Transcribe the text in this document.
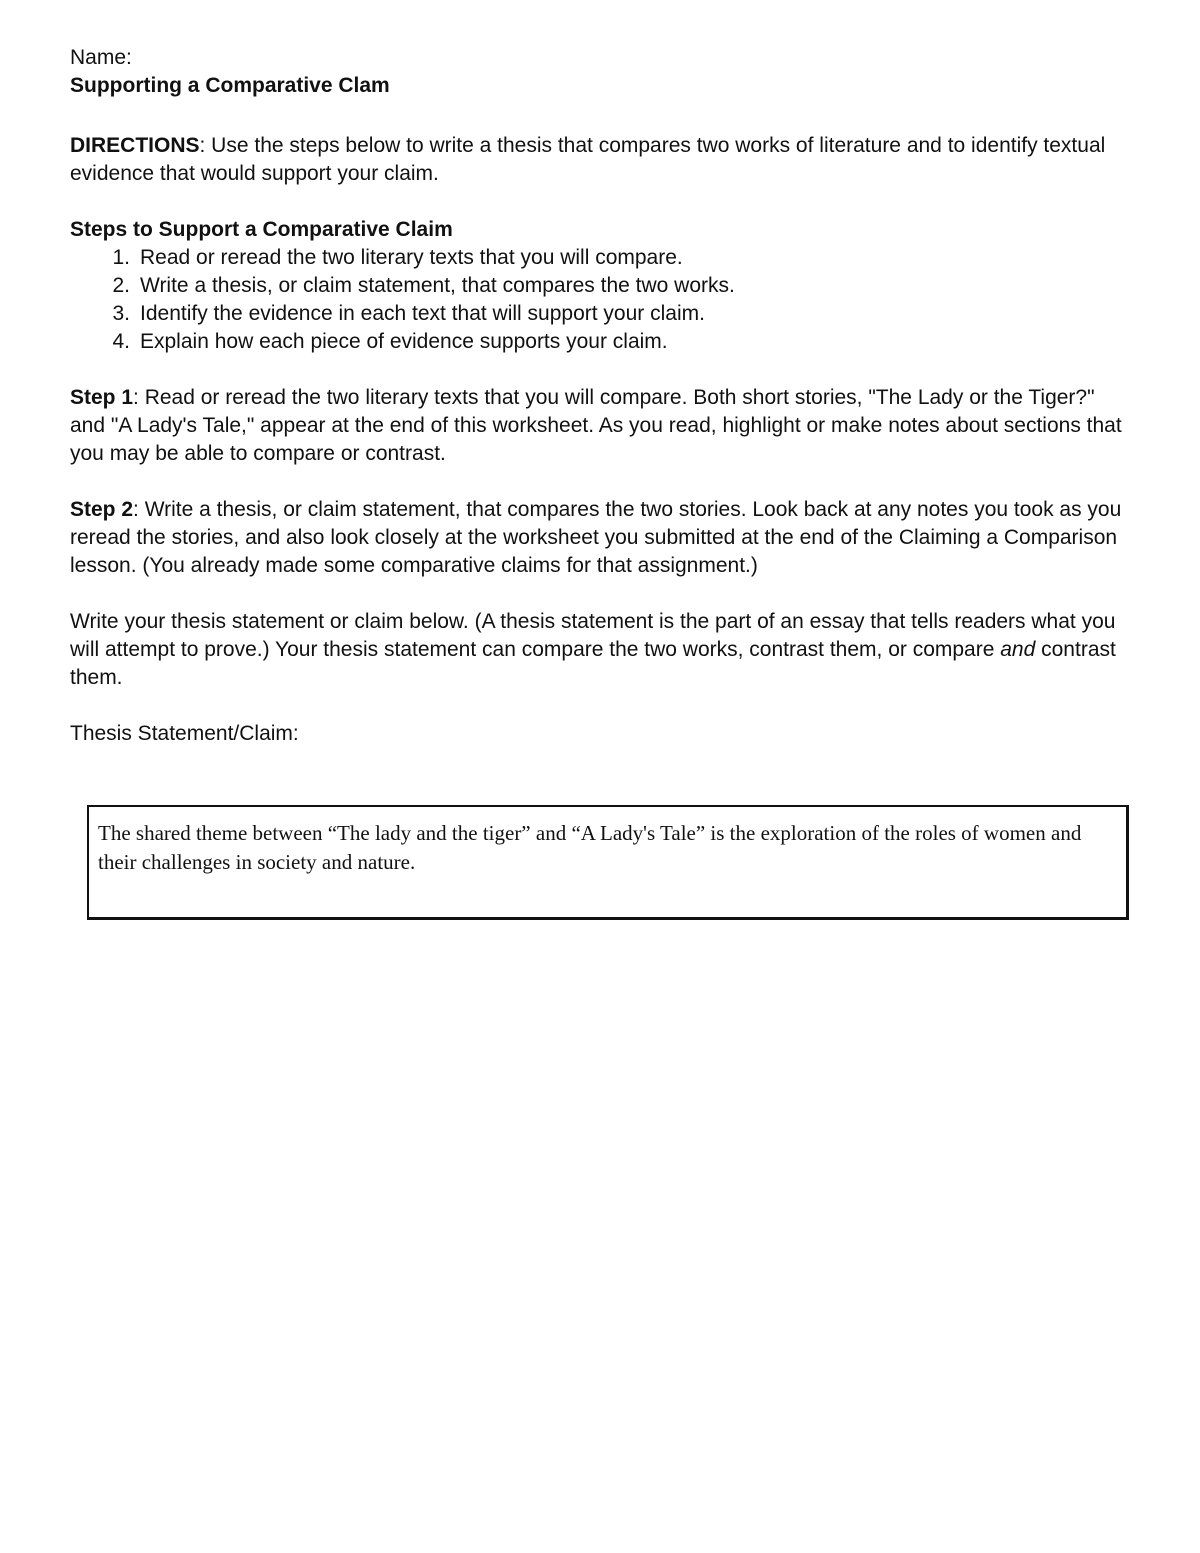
Name:

Supporting a Comparative Clam

DIRECTIONS: Use the steps below to write a thesis that compares two works of literature and to identify textual evidence that would support your claim.

Steps to Support a Comparative Claim

1. Read or reread the two literary texts that you will compare.
2. Write a thesis, or claim statement, that compares the two works.
3. Identify the evidence in each text that will support your claim.
4. Explain how each piece of evidence supports your claim.

Step 1: Read or reread the two literary texts that you will compare. Both short stories, "The Lady or the Tiger?" and "A Lady's Tale," appear at the end of this worksheet. As you read, highlight or make notes about sections that you may be able to compare or contrast.

Step 2: Write a thesis, or claim statement, that compares the two stories. Look back at any notes you took as you reread the stories, and also look closely at the worksheet you submitted at the end of the Claiming a Comparison lesson. (You already made some comparative claims for that assignment.)

Write your thesis statement or claim below. (A thesis statement is the part of an essay that tells readers what you will attempt to prove.) Your thesis statement can compare the two works, contrast them, or compare and contrast them.

Thesis Statement/Claim:

The shared theme between “The lady and the tiger” and “A Lady's Tale” is the exploration of the roles of women and their challenges in society and nature.
